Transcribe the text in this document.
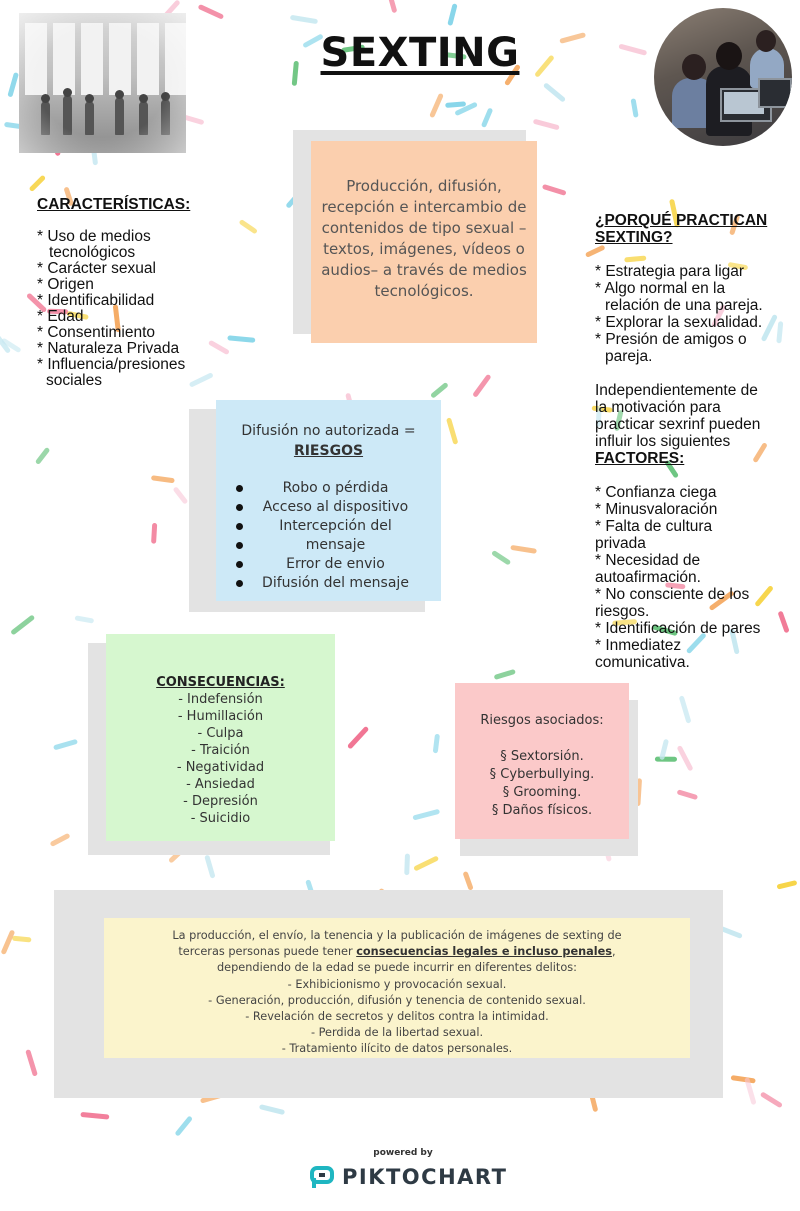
SEXTING
CARACTERÍSTICAS:
* Uso de medios
tecnológicos
* Carácter sexual
* Origen
* Identificabilidad
* Edad
* Consentimiento
* Naturaleza Privada
* Influencia/presiones
sociales
¿PORQUÉ PRACTICAN
SEXTING?
* Estrategia para ligar
* Algo normal en la
relación de una pareja.
* Explorar la sexualidad.
* Presión de amigos o
pareja.
Independientemente de
la motivación para
practicar sexrinf pueden
influir los siguientes
FACTORES:
* Confianza ciega
* Minusvaloración
* Falta de cultura
privada
* Necesidad de
autoafirmación.
* No consciente de los
riesgos.
* Identificación de pares
* Inmediatez
comunicativa.
Producción, difusión, recepción e intercambio de contenidos de tipo sexual – textos, imágenes, vídeos o audios– a través de medios tecnológicos.
Difusión no autorizada =
RIESGOS
Robo o pérdida
Acceso al dispositivo
Intercepción del
mensaje
Error de envio
Difusión del mensaje
CONSECUENCIAS:
- Indefensión
- Humillación
- Culpa
- Traición
- Negatividad
- Ansiedad
- Depresión
- Suicidio
Riesgos asociados:
§ Sextorsión.
§ Cyberbullying.
§ Grooming.
§ Daños físicos.
La producción, el envío, la tenencia y la publicación de imágenes de sexting de
terceras personas puede tener consecuencias legales e incluso penales,
dependiendo de la edad se puede incurrir en diferentes delitos:
- Exhibicionismo y provocación sexual.
- Generación, producción, difusión y tenencia de contenido sexual.
- Revelación de secretos y delitos contra la intimidad.
- Perdida de la libertad sexual.
- Tratamiento ilícito de datos personales.
powered by
PIKTOCHART
